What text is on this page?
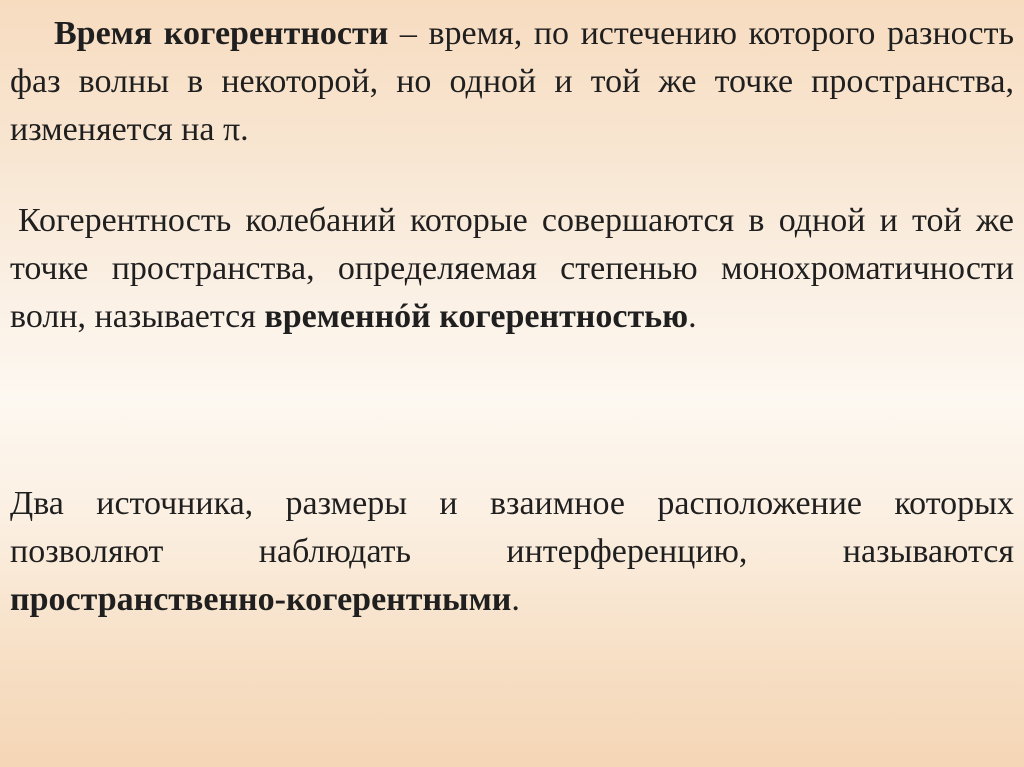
Время когерентности – время, по истечению которого разность фаз волны в некоторой, но одной и той же точке пространства, изменяется на π.

Когерентность колебаний которые совершаются в одной и той же точке пространства, определяемая степенью монохроматичности волн, называется временнóй когерентностью.

Два источника, размеры и взаимное расположение которых позволяют наблюдать интерференцию, называются пространственно-когерентными.
